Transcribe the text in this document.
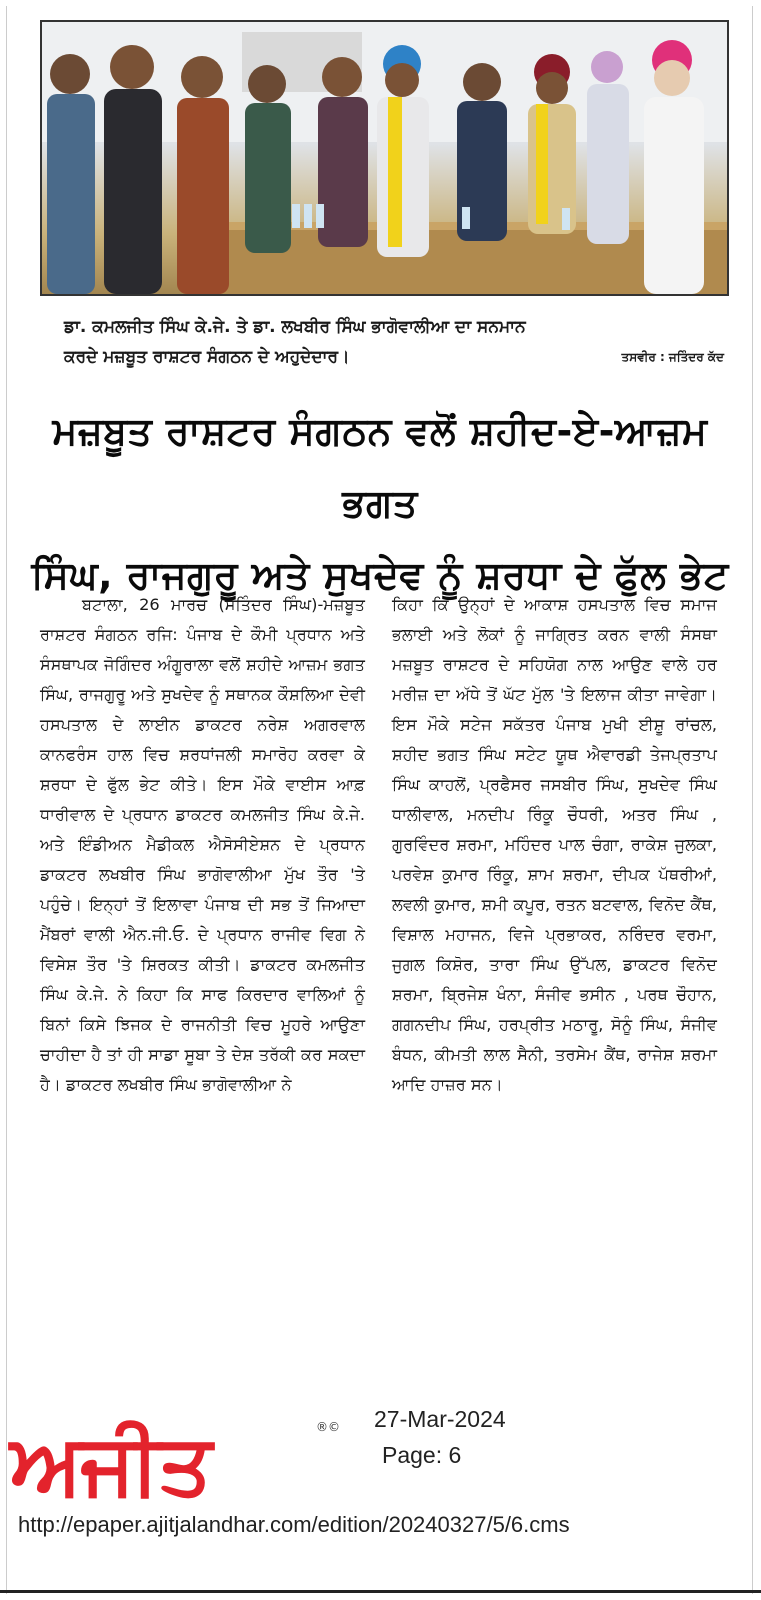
ਡਾ. ਕਮਲਜੀਤ ਸਿੰਘ ਕੇ.ਜੇ. ਤੇ ਡਾ. ਲਖਬੀਰ ਸਿੰਘ ਭਾਗੋਵਾਲੀਆ ਦਾ ਸਨਮਾਨ
ਕਰਦੇ ਮਜ਼ਬੂਤ ਰਾਸ਼ਟਰ ਸੰਗਠਨ ਦੇ ਅਹੁਦੇਦਾਰ।	ਤਸਵੀਰ : ਜਤਿੰਦਰ ਕੱਦ
ਮਜ਼ਬੂਤ ਰਾਸ਼ਟਰ ਸੰਗਠਨ ਵਲੋਂ ਸ਼ਹੀਦ-ਏ-ਆਜ਼ਮ ਭਗਤ
ਸਿੰਘ, ਰਾਜਗੁਰੂ ਅਤੇ ਸੁਖਦੇਵ ਨੂੰ ਸ਼ਰਧਾ ਦੇ ਫੁੱਲ ਭੇਟ

ਬਟਾਲਾ, 26 ਮਾਰਚ (ਸਤਿੰਦਰ ਸਿੰਘ)-ਮਜ਼ਬੂਤ ਰਾਸ਼ਟਰ ਸੰਗਠਨ ਰਜਿ: ਪੰਜਾਬ ਦੇ ਕੌਮੀ ਪ੍ਰਧਾਨ ਅਤੇ ਸੰਸਥਾਪਕ ਜੋਗਿੰਦਰ ਅੰਗੂਰਾਲਾ ਵਲੋਂ ਸ਼ਹੀਦੇ ਆਜ਼ਮ ਭਗਤ ਸਿੰਘ, ਰਾਜਗੁਰੂ ਅਤੇ ਸੁਖਦੇਵ ਨੂੰ ਸਥਾਨਕ ਕੌਸ਼ਲਿਆ ਦੇਵੀ ਹਸਪਤਾਲ ਦੇ ਲਾਈਨ ਡਾਕਟਰ ਨਰੇਸ਼ ਅਗਰਵਾਲ ਕਾਨਫਰੰਸ ਹਾਲ ਵਿਚ ਸ਼ਰਧਾਂਜਲੀ ਸਮਾਰੋਹ ਕਰਵਾ ਕੇ ਸ਼ਰਧਾ ਦੇ ਫੁੱਲ ਭੇਟ ਕੀਤੇ। ਇਸ ਮੌਕੇ ਵਾਈਸ ਆਫ਼ ਧਾਰੀਵਾਲ ਦੇ ਪ੍ਰਧਾਨ ਡਾਕਟਰ ਕਮਲਜੀਤ ਸਿੰਘ ਕੇ.ਜੇ. ਅਤੇ ਇੰਡੀਅਨ ਮੈਡੀਕਲ ਐਸੋਸੀਏਸ਼ਨ ਦੇ ਪ੍ਰਧਾਨ ਡਾਕਟਰ ਲਖਬੀਰ ਸਿੰਘ ਭਾਗੋਵਾਲੀਆ ਮੁੱਖ ਤੌਰ 'ਤੇ ਪਹੁੰਚੇ। ਇਨ੍ਹਾਂ ਤੋਂ ਇਲਾਵਾ ਪੰਜਾਬ ਦੀ ਸਭ ਤੋਂ ਜਿਆਦਾ ਮੈਂਬਰਾਂ ਵਾਲੀ ਐਨ.ਜੀ.ਓ. ਦੇ ਪ੍ਰਧਾਨ ਰਾਜੀਵ ਵਿਗ ਨੇ ਵਿਸੇਸ਼ ਤੌਰ 'ਤੇ ਸ਼ਿਰਕਤ ਕੀਤੀ। ਡਾਕਟਰ ਕਮਲਜੀਤ ਸਿੰਘ ਕੇ.ਜੇ. ਨੇ ਕਿਹਾ ਕਿ ਸਾਫ ਕਿਰਦਾਰ ਵਾਲਿਆਂ ਨੂੰ ਬਿਨਾਂ ਕਿਸੇ ਝਿਜਕ ਦੇ ਰਾਜਨੀਤੀ ਵਿਚ ਮੂਹਰੇ ਆਉਣਾ ਚਾਹੀਦਾ ਹੈ ਤਾਂ ਹੀ ਸਾਡਾ ਸੂਬਾ ਤੇ ਦੇਸ਼ ਤਰੱਕੀ ਕਰ ਸਕਦਾ ਹੈ। ਡਾਕਟਰ ਲਖਬੀਰ ਸਿੰਘ ਭਾਗੋਵਾਲੀਆ ਨੇ

ਕਿਹਾ ਕਿ ਉਨ੍ਹਾਂ ਦੇ ਆਕਾਸ਼ ਹਸਪਤਾਲ ਵਿਚ ਸਮਾਜ ਭਲਾਈ ਅਤੇ ਲੋਕਾਂ ਨੂੰ ਜਾਗ੍ਰਿਤ ਕਰਨ ਵਾਲੀ ਸੰਸਥਾ ਮਜ਼ਬੂਤ ਰਾਸ਼ਟਰ ਦੇ ਸਹਿਯੋਗ ਨਾਲ ਆਉਣ ਵਾਲੇ ਹਰ ਮਰੀਜ਼ ਦਾ ਅੱਧੇ ਤੋਂ ਘੱਟ ਮੁੱਲ 'ਤੇ ਇਲਾਜ ਕੀਤਾ ਜਾਵੇਗਾ। ਇਸ ਮੌਕੇ ਸਟੇਜ ਸਕੱਤਰ ਪੰਜਾਬ ਮੁਖੀ ਈਸ਼ੂ ਰਾਂਚਲ, ਸ਼ਹੀਦ ਭਗਤ ਸਿੰਘ ਸਟੇਟ ਯੂਥ ਐਵਾਰਡੀ ਤੇਜਪ੍ਰਤਾਪ ਸਿੰਘ ਕਾਹਲੋਂ, ਪ੍ਰਫੈਸਰ ਜਸਬੀਰ ਸਿੰਘ, ਸੁਖਦੇਵ ਸਿੰਘ ਧਾਲੀਵਾਲ, ਮਨਦੀਪ ਰਿੰਕੂ ਚੌਧਰੀ, ਅਤਰ ਸਿੰਘ , ਗੁਰਵਿੰਦਰ ਸ਼ਰਮਾ, ਮਹਿੰਦਰ ਪਾਲ ਚੰਗਾ, ਰਾਕੇਸ਼ ਜੁਲਕਾ, ਪਰਵੇਸ਼ ਕੁਮਾਰ ਰਿੰਕੂ, ਸ਼ਾਮ ਸ਼ਰਮਾ, ਦੀਪਕ ਪੱਥਰੀਆਂ, ਲਵਲੀ ਕੁਮਾਰ, ਸ਼ਮੀ ਕਪੂਰ, ਰਤਨ ਬਟਵਾਲ, ਵਿਨੋਦ ਕੈਂਥ, ਵਿਸ਼ਾਲ ਮਹਾਜਨ, ਵਿਜੇ ਪ੍ਰਭਾਕਰ, ਨਰਿੰਦਰ ਵਰਮਾ, ਜੁਗਲ ਕਿਸ਼ੋਰ, ਤਾਰਾ ਸਿੰਘ ਉੱਪਲ, ਡਾਕਟਰ ਵਿਨੋਦ ਸ਼ਰਮਾ, ਬ੍ਰਿਜੇਸ਼ ਖੰਨਾ, ਸੰਜੀਵ ਭਸੀਨ , ਪਰਥ ਚੌਹਾਨ, ਗਗਨਦੀਪ ਸਿੰਘ, ਹਰਪ੍ਰੀਤ ਮਠਾਰੂ, ਸੋਨੂੰ ਸਿੰਘ, ਸੰਜੀਵ ਬੰਧਨ, ਕੀਮਤੀ ਲਾਲ ਸੈਨੀ, ਤਰਸੇਮ ਕੈਂਥ, ਰਾਜੇਸ਼ ਸ਼ਰਮਾ ਆਦਿ ਹਾਜ਼ਰ ਸਨ।

ਅਜੀਤ	®© 27-Mar-2024
Page: 6
http://epaper.ajitjalandhar.com/edition/20240327/5/6.cms
